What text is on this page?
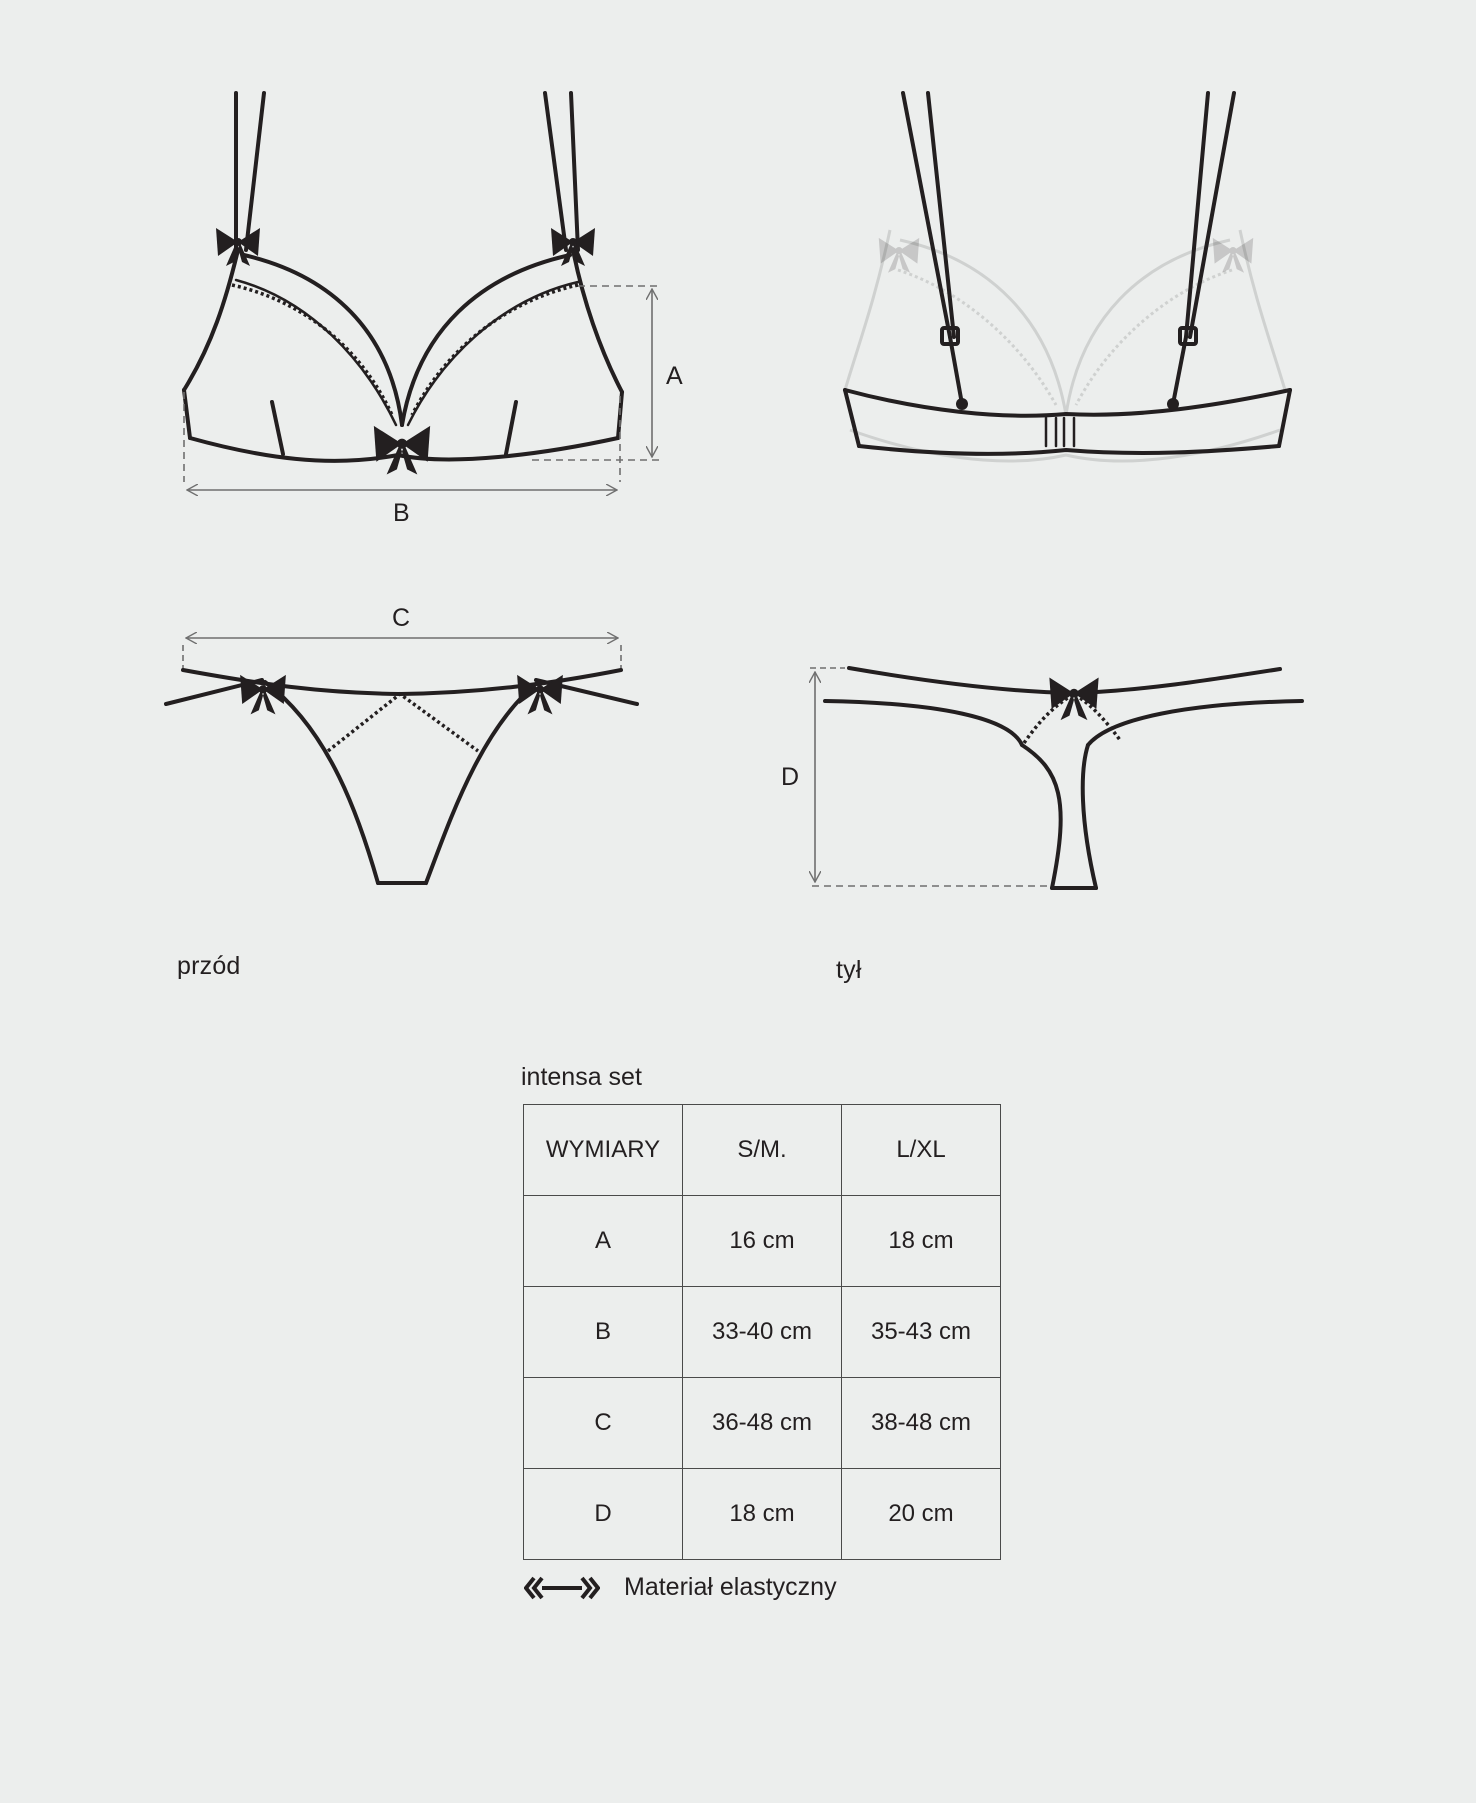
A
B
C
D
przód	tył
intensa set
WYMIARY	S/M.	L/XL
A	16 cm	18 cm
B	33-40 cm	35-43 cm
C	36-48 cm	38-48 cm
D	18 cm	20 cm
Materiał elastyczny
